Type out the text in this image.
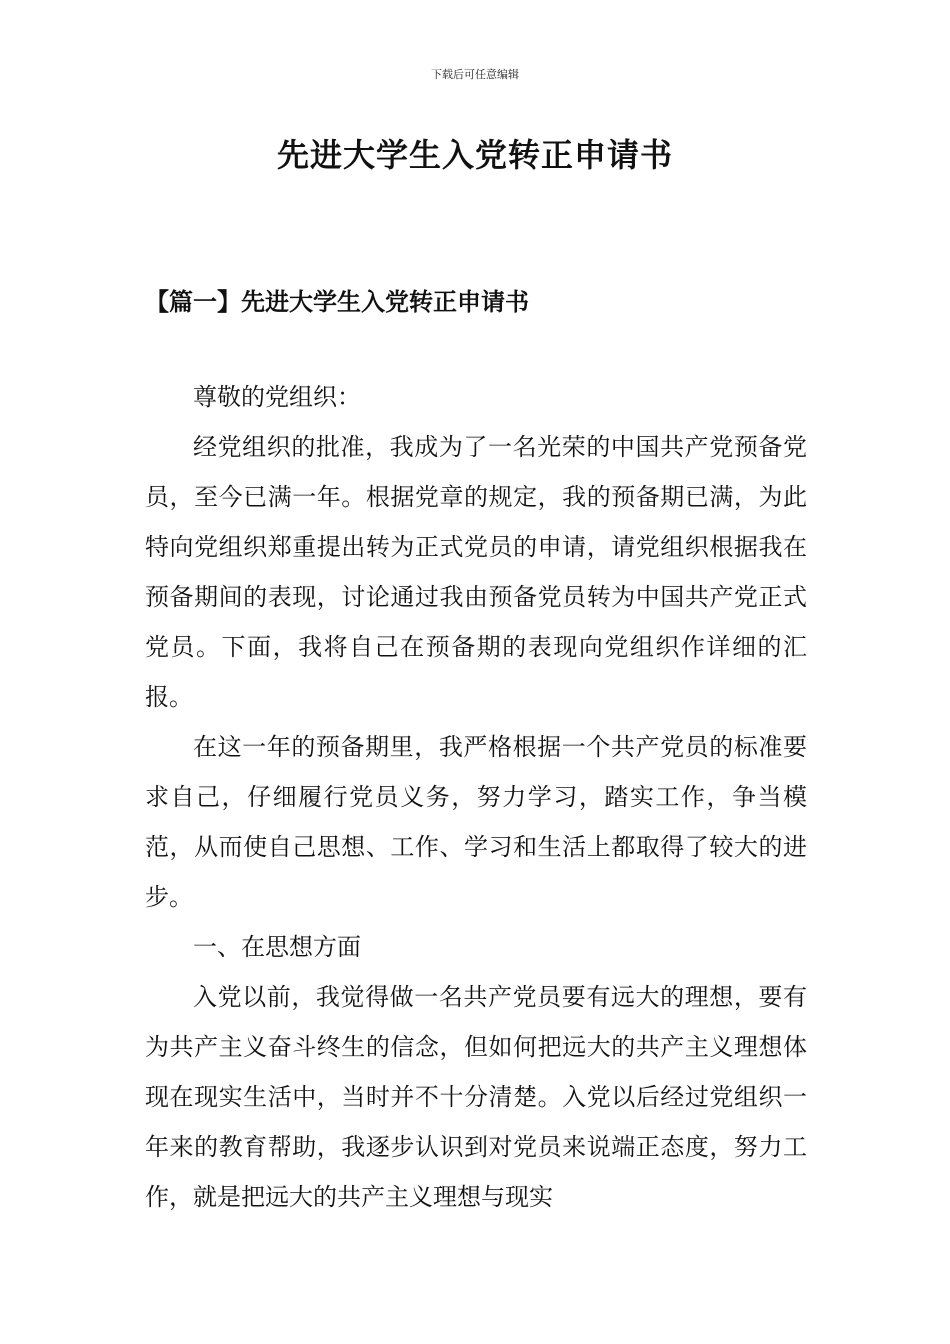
下载后可任意编辑
先进大学生入党转正申请书
【篇一】先进大学生入党转正申请书

尊敬的党组织：

经党组织的批准，我成为了一名光荣的中国共产党预备党员，至今已满一年。根据党章的规定，我的预备期已满，为此特向党组织郑重提出转为正式党员的申请，请党组织根据我在预备期间的表现，讨论通过我由预备党员转为中国共产党正式党员。下面，我将自己在预备期的表现向党组织作详细的汇报。

在这一年的预备期里，我严格根据一个共产党员的标准要求自己，仔细履行党员义务，努力学习，踏实工作，争当模范，从而使自己思想、工作、学习和生活上都取得了较大的进步。

一、在思想方面

入党以前，我觉得做一名共产党员要有远大的理想，要有为共产主义奋斗终生的信念，但如何把远大的共产主义理想体现在现实生活中，当时并不十分清楚。入党以后经过党组织一年来的教育帮助，我逐步认识到对党员来说端正态度，努力工作，就是把远大的共产主义理想与现实
